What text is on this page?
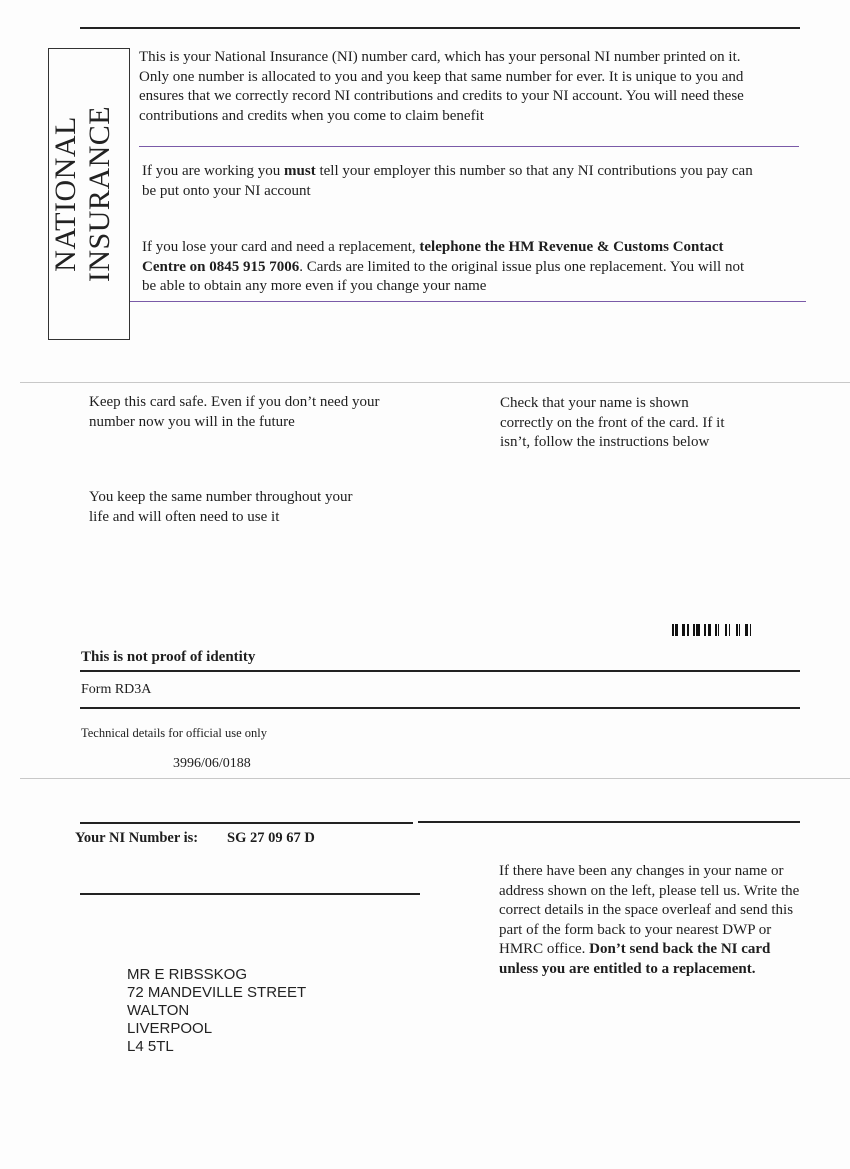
NATIONAL INSURANCE
This is your National Insurance (NI) number card, which has your personal NI number printed on it. Only one number is allocated to you and you keep that same number for ever. It is unique to you and ensures that we correctly record NI contributions and credits to your NI account. You will need these contributions and credits when you come to claim benefit
If you are working you must tell your employer this number so that any NI contributions you pay can be put onto your NI account
If you lose your card and need a replacement, telephone the HM Revenue & Customs Contact Centre on 0845 915 7006. Cards are limited to the original issue plus one replacement. You will not be able to obtain any more even if you change your name
Keep this card safe. Even if you don’t need your number now you will in the future
Check that your name is shown correctly on the front of the card. If it isn’t, follow the instructions below
You keep the same number throughout your life and will often need to use it
This is not proof of identity
Form RD3A
Technical details for official use only
3996/06/0188
Your NI Number is: SG 27 09 67 D
MR E RIBSSKOG
72 MANDEVILLE STREET
WALTON
LIVERPOOL
L4 5TL
If there have been any changes in your name or address shown on the left, please tell us. Write the correct details in the space overleaf and send this part of the form back to your nearest DWP or HMRC office. Don’t send back the NI card unless you are entitled to a replacement.
